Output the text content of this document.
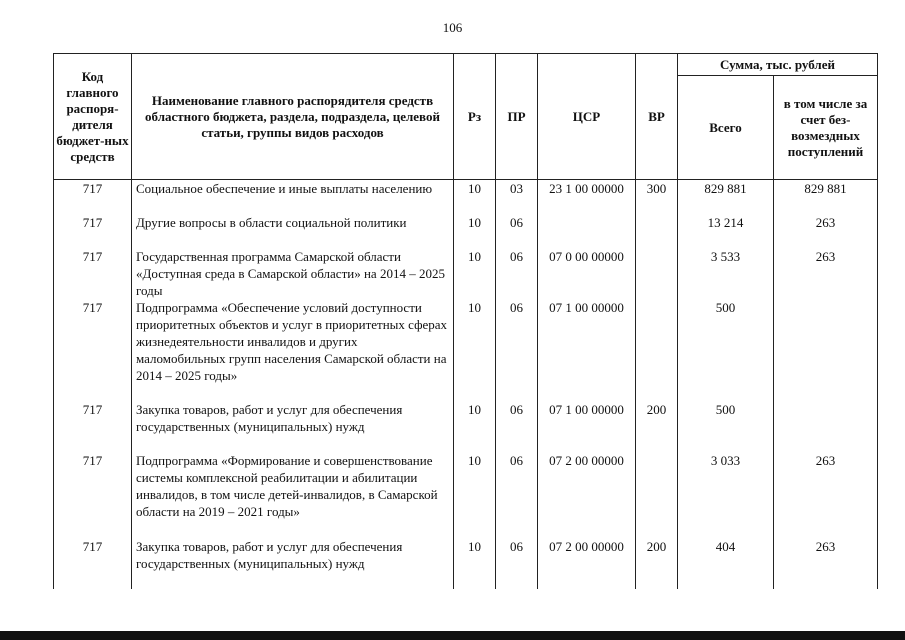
106
Код главного распоря-дителя бюджет-ных средств	Наименование главного распорядителя средств областного бюджета, раздела, подраздела, целевой статьи, группы видов расходов	Рз	ПР	ЦСР	ВР	Сумма, тыс. рублей	
						Всего	в том числе за счет без-возмездных поступлений
717	Социальное обеспечение и иные выплаты населению	10	03	23 1 00 00000	300	829 881	829 881
717	Другие вопросы в области социальной политики	10	06			13 214	263
717	Государственная программа Самарской области «Доступная среда в Самарской области» на 2014 – 2025 годы	10	06	07 0 00 00000		3 533	263
717	Подпрограмма «Обеспечение условий доступности приоритетных объектов и услуг в приоритетных сферах жизнедеятельности инвалидов и других маломобильных групп населения Самарской области на 2014 – 2025 годы»	10	06	07 1 00 00000		500	
717	Закупка товаров, работ и услуг для обеспечения государственных (муниципальных) нужд	10	06	07 1 00 00000	200	500	
717	Подпрограмма «Формирование и совершенствование системы комплексной реабилитации и абилитации инвалидов, в том числе детей-инвалидов, в Самарской области на 2019 – 2021 годы»	10	06	07 2 00 00000		3 033	263
717	Закупка товаров, работ и услуг для обеспечения государственных (муниципальных) нужд	10	06	07 2 00 00000	200	404	263
